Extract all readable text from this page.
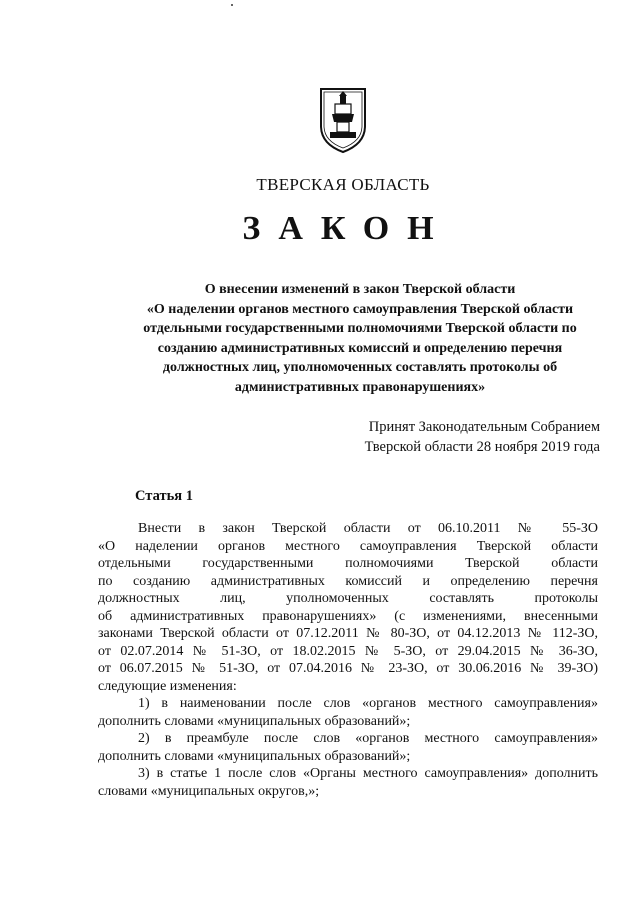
ТВЕРСКАЯ ОБЛАСТЬ
ЗАКОН
О внесении изменений в закон Тверской области
«О наделении органов местного самоуправления Тверской области
отдельными государственными полномочиями Тверской области по
созданию административных комиссий и определению перечня
должностных лиц, уполномоченных составлять протоколы об
административных правонарушениях»
Принят Законодательным Собранием
Тверской области 28 ноября 2019 года
Статья 1

Внести в закон Тверской области от 06.10.2011 № 55-ЗО

«О наделении органов местного самоуправления Тверской области

отдельными государственными полномочиями Тверской области

по созданию административных комиссий и определению перечня

должностных лиц, уполномоченных составлять протоколы

об административных правонарушениях» (с изменениями, внесенными

законами Тверской области от 07.12.2011 № 80-ЗО, от 04.12.2013 № 112-ЗО,

от 02.07.2014 № 51-ЗО, от 18.02.2015 № 5-ЗО, от 29.04.2015 № 36-ЗО,

от 06.07.2015 № 51-ЗО, от 07.04.2016 № 23-ЗО, от 30.06.2016 № 39-ЗО)

следующие изменения:

1) в наименовании после слов «органов местного самоуправления»

дополнить словами «муниципальных образований»;

2) в преамбуле после слов «органов местного самоуправления»

дополнить словами «муниципальных образований»;

3) в статье 1 после слов «Органы местного самоуправления» дополнить

словами «муниципальных округов,»;
